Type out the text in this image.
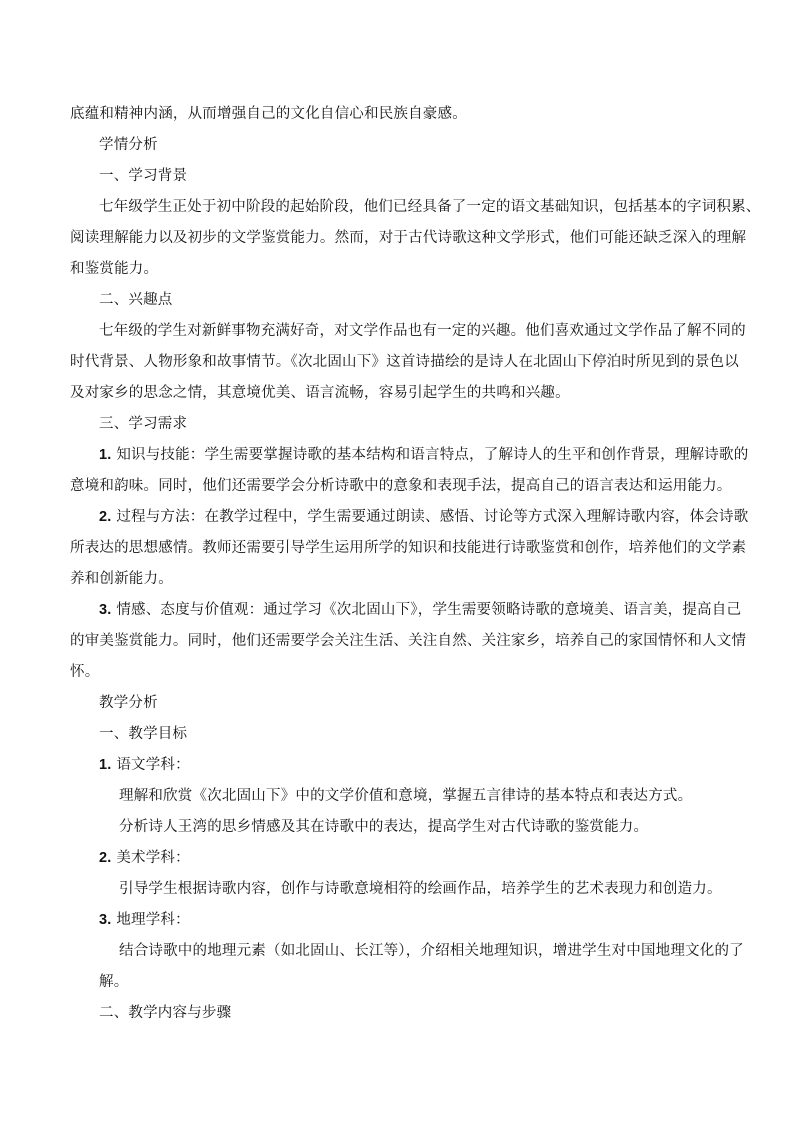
底蕴和精神内涵，从而增强自己的文化自信心和民族自豪感。
学情分析
一、学习背景
七年级学生正处于初中阶段的起始阶段，他们已经具备了一定的语文基础知识，包括基本的字词积累、
阅读理解能力以及初步的文学鉴赏能力。然而，对于古代诗歌这种文学形式，他们可能还缺乏深入的理解
和鉴赏能力。
二、兴趣点
七年级的学生对新鲜事物充满好奇，对文学作品也有一定的兴趣。他们喜欢通过文学作品了解不同的
时代背景、人物形象和故事情节。《次北固山下》这首诗描绘的是诗人在北固山下停泊时所见到的景色以
及对家乡的思念之情，其意境优美、语言流畅，容易引起学生的共鸣和兴趣。
三、学习需求
1. 知识与技能：学生需要掌握诗歌的基本结构和语言特点，了解诗人的生平和创作背景，理解诗歌的
意境和韵味。同时，他们还需要学会分析诗歌中的意象和表现手法，提高自己的语言表达和运用能力。
2. 过程与方法：在教学过程中，学生需要通过朗读、感悟、讨论等方式深入理解诗歌内容，体会诗歌
所表达的思想感情。教师还需要引导学生运用所学的知识和技能进行诗歌鉴赏和创作，培养他们的文学素
养和创新能力。
3. 情感、态度与价值观：通过学习《次北固山下》，学生需要领略诗歌的意境美、语言美，提高自己
的审美鉴赏能力。同时，他们还需要学会关注生活、关注自然、关注家乡，培养自己的家国情怀和人文情
怀。
教学分析
一、教学目标
1. 语文学科：
理解和欣赏《次北固山下》中的文学价值和意境，掌握五言律诗的基本特点和表达方式。
分析诗人王湾的思乡情感及其在诗歌中的表达，提高学生对古代诗歌的鉴赏能力。
2. 美术学科：
引导学生根据诗歌内容，创作与诗歌意境相符的绘画作品，培养学生的艺术表现力和创造力。
3. 地理学科：
结合诗歌中的地理元素（如北固山、长江等），介绍相关地理知识，增进学生对中国地理文化的了
解。
二、教学内容与步骤
